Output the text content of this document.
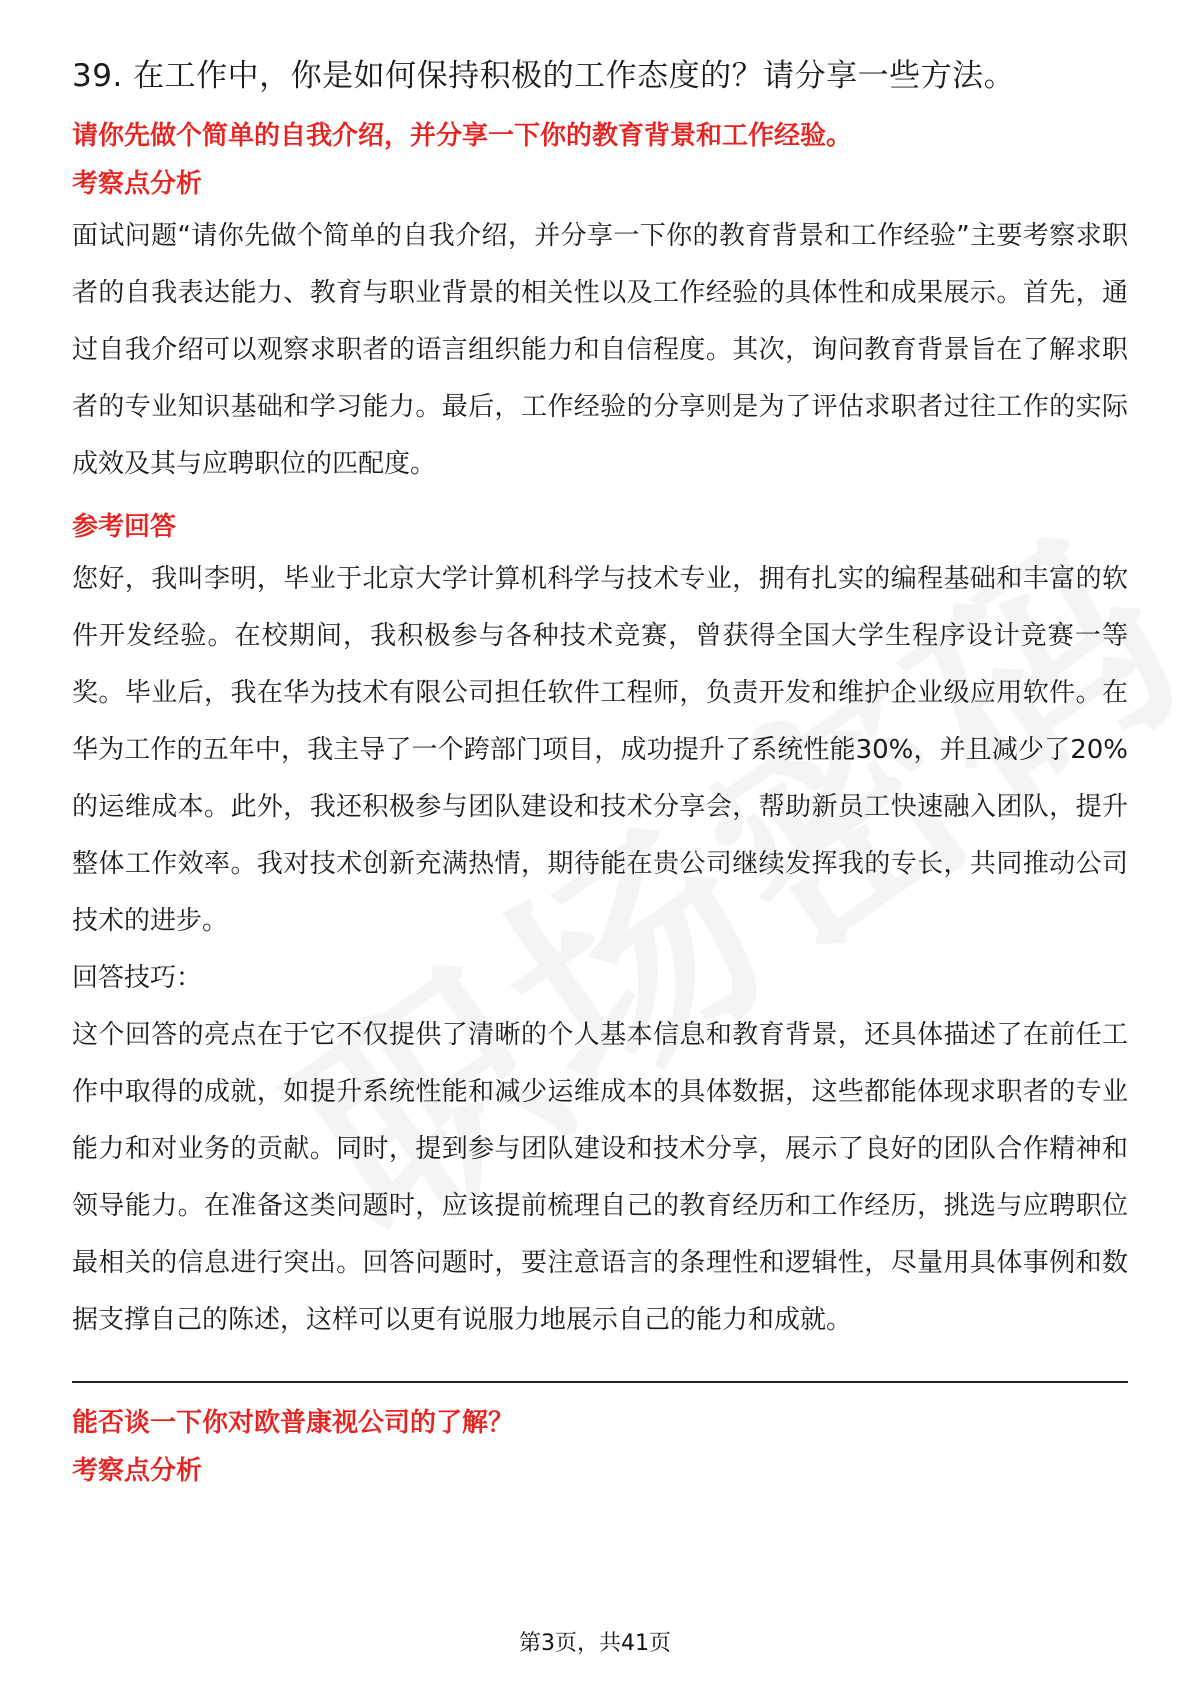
39. 在工作中，你是如何保持积极的工作态度的？请分享一些方法。
请你先做个简单的自我介绍，并分享一下你的教育背景和工作经验。
考察点分析

面试问题“请你先做个简单的自我介绍，并分享一下你的教育背景和工作经验”主要考察求职者的自我表达能力、教育与职业背景的相关性以及工作经验的具体性和成果展示。首先，通过自我介绍可以观察求职者的语言组织能力和自信程度。其次，询问教育背景旨在了解求职者的专业知识基础和学习能力。最后，工作经验的分享则是为了评估求职者过往工作的实际成效及其与应聘职位的匹配度。

参考回答

您好，我叫李明，毕业于北京大学计算机科学与技术专业，拥有扎实的编程基础和丰富的软件开发经验。在校期间，我积极参与各种技术竞赛，曾获得全国大学生程序设计竞赛一等奖。毕业后，我在华为技术有限公司担任软件工程师，负责开发和维护企业级应用软件。在华为工作的五年中，我主导了一个跨部门项目，成功提升了系统性能30%，并且减少了20%的运维成本。此外，我还积极参与团队建设和技术分享会，帮助新员工快速融入团队，提升整体工作效率。我对技术创新充满热情，期待能在贵公司继续发挥我的专长，共同推动公司技术的进步。

回答技巧：

这个回答的亮点在于它不仅提供了清晰的个人基本信息和教育背景，还具体描述了在前任工作中取得的成就，如提升系统性能和减少运维成本的具体数据，这些都能体现求职者的专业能力和对业务的贡献。同时，提到参与团队建设和技术分享，展示了良好的团队合作精神和领导能力。在准备这类问题时，应该提前梳理自己的教育经历和工作经历，挑选与应聘职位最相关的信息进行突出。回答问题时，要注意语言的条理性和逻辑性，尽量用具体事例和数据支撑自己的陈述，这样可以更有说服力地展示自己的能力和成就。

能否谈一下你对欧普康视公司的了解？
考察点分析
第3页，共41页
